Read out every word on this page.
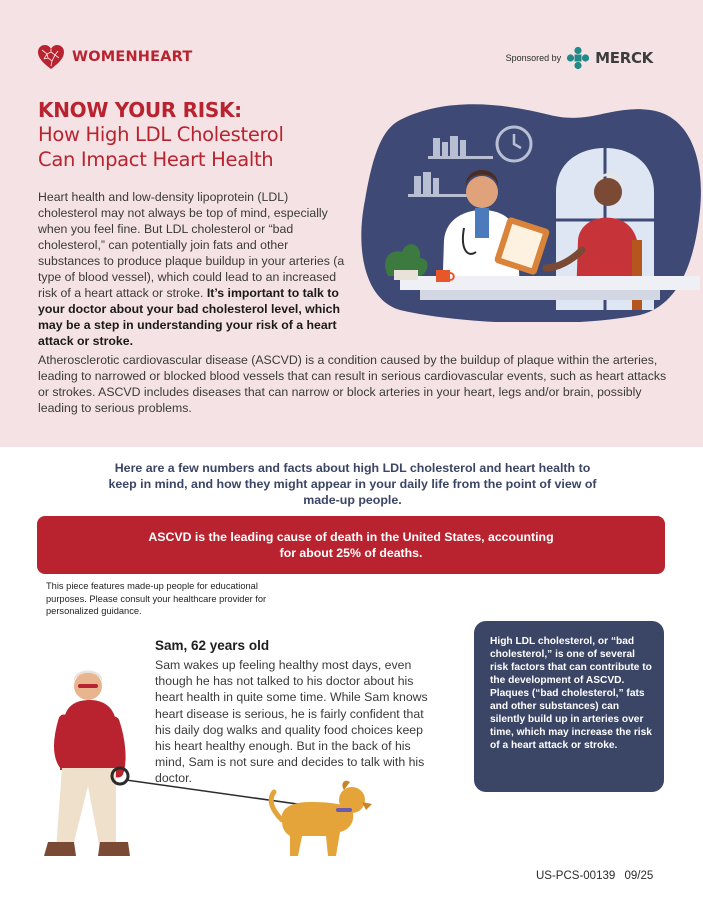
WOMENHEART	Sponsored by MERCK
KNOW YOUR RISK:
How High LDL Cholesterol
Can Impact Heart Health
Heart health and low-density lipoprotein (LDL) cholesterol may not always be top of mind, especially when you feel fine. But LDL cholesterol or “bad cholesterol,” can potentially join fats and other substances to produce plaque buildup in your arteries (a type of blood vessel), which could lead to an increased risk of a heart attack or stroke. It’s important to talk to your doctor about your bad cholesterol level, which may be a step in understanding your risk of a heart attack or stroke.
Atherosclerotic cardiovascular disease (ASCVD) is a condition caused by the buildup of plaque within the arteries, leading to narrowed or blocked blood vessels that can result in serious cardiovascular events, such as heart attacks or strokes. ASCVD includes diseases that can narrow or block arteries in your heart, legs and/or brain, possibly leading to serious problems.
Here are a few numbers and facts about high LDL cholesterol and heart health to keep in mind, and how they might appear in your daily life from the point of view of made-up people.
ASCVD is the leading cause of death in the United States, accounting for about 25% of deaths.
This piece features made-up people for educational purposes. Please consult your healthcare provider for personalized guidance.
Sam, 62 years old
Sam wakes up feeling healthy most days, even though he has not talked to his doctor about his heart health in quite some time. While Sam knows heart disease is serious, he is fairly confident that his daily dog walks and quality food choices keep his heart healthy enough. But in the back of his mind, Sam is not sure and decides to talk with his doctor.
High LDL cholesterol, or “bad cholesterol,” is one of several risk factors that can contribute to the development of ASCVD. Plaques (“bad cholesterol,” fats and other substances) can silently build up in arteries over time, which may increase the risk of a heart attack or stroke.
US-PCS-00139 09/25
